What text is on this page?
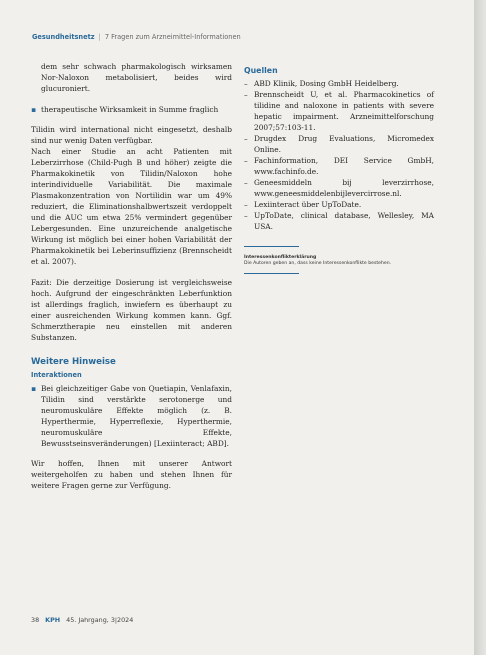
Gesundheitsnetz | 7 Fragen zum Arzneimittel-Informationen

dem sehr schwach pharmakologisch wirksamen Nor-Naloxon metabolisiert, beides wird glucuroniert.

▪ therapeutische Wirksamkeit in Summe fraglich

Tilidin wird international nicht eingesetzt, deshalb sind nur wenig Daten verfügbar.

Nach einer Studie an acht Patienten mit Leberzirrhose (Child-Pugh B und höher) zeigte die Pharmakokinetik von Tilidin/Naloxon hohe interindividuelle Variabilität. Die maximale Plasmakonzentration von Nortilidin war um 49% reduziert, die Eliminationshalbwertszeit verdoppelt und die AUC um etwa 25% vermindert gegenüber Lebergesunden. Eine unzureichende analgetische Wirkung ist möglich bei einer hohen Variabilität der Pharmakokinetik bei Leberinsuffizienz (Brennscheidt et al. 2007).

Fazit: Die derzeitige Dosierung ist vergleichsweise hoch. Aufgrund der eingeschränkten Leberfunktion ist allerdings fraglich, inwiefern es überhaupt zu einer ausreichenden Wirkung kommen kann. Ggf. Schmerztherapie neu einstellen mit anderen Substanzen.

Weitere Hinweise
Interaktionen
▪ Bei gleichzeitiger Gabe von Quetiapin, Venlafaxin, Tilidin sind verstärkte serotonerge und neuromuskuläre Effekte möglich (z. B. Hyperthermie, Hyperreflexie, Hyperthermie, neuromuskuläre Effekte, Bewusstseinsveränderungen) [Lexiinteract; ABD].

Wir hoffen, Ihnen mit unserer Antwort weitergeholfen zu haben und stehen Ihnen für weitere Fragen gerne zur Verfügung.

Quellen
– ABD Klinik, Dosing GmbH Heidelberg.
– Brennscheidt U, et al. Pharmacokinetics of tilidine and naloxone in patients with severe hepatic impairment. Arzneimittelforschung 2007;57:103-11.
– Drugdex Drug Evaluations, Micromedex Online.
– Fachinformation, DEI Service GmbH, www.fachinfo.de.
– Geneesmiddeln bij leverzirrhose, www.geneesmiddelenbijlevercirrose.nl.
– Lexiinteract über UpToDate.
– UpToDate, clinical database, Wellesley, MA USA.
Interessenkonflikterklärung
Die Autoren geben an, dass keine Interessenkonflikte bestehen.
38 KPH 45. Jahrgang, 3|2024
